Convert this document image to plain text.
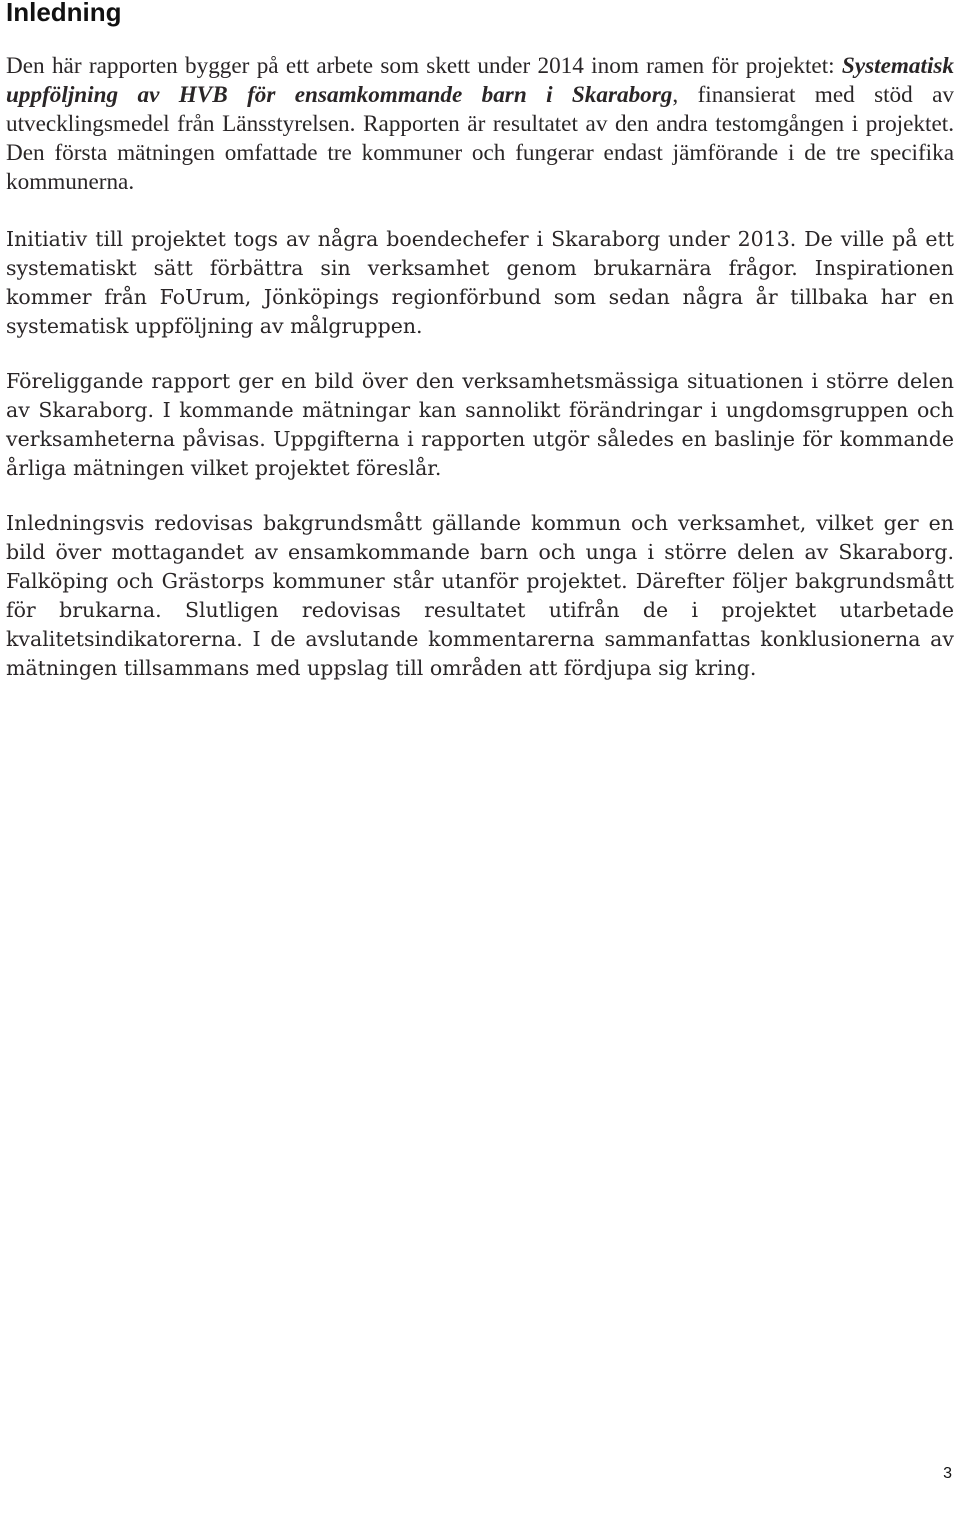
Inledning

Den här rapporten bygger på ett arbete som skett under 2014 inom ramen för projektet: Systematisk uppföljning av HVB för ensamkommande barn i Skaraborg, finansierat med stöd av utvecklingsmedel från Länsstyrelsen. Rapporten är resultatet av den andra testomgången i projektet. Den första mätningen omfattade tre kommuner och fungerar endast jämförande i de tre specifika kommunerna.

Initiativ till projektet togs av några boendechefer i Skaraborg under 2013. De ville på ett systematiskt sätt förbättra sin verksamhet genom brukarnära frågor. Inspirationen kommer från FoUrum, Jönköpings regionförbund som sedan några år tillbaka har en systematisk uppföljning av målgruppen.

Föreliggande rapport ger en bild över den verksamhetsmässiga situationen i större delen av Skaraborg. I kommande mätningar kan sannolikt förändringar i ungdomsgruppen och verksamheterna påvisas. Uppgifterna i rapporten utgör således en baslinje för kommande årliga mätningen vilket projektet föreslår.

Inledningsvis redovisas bakgrundsmått gällande kommun och verksamhet, vilket ger en bild över mottagandet av ensamkommande barn och unga i större delen av Skaraborg. Falköping och Grästorps kommuner står utanför projektet. Därefter följer bakgrundsmått för brukarna. Slutligen redovisas resultatet utifrån de i projektet utarbetade kvalitetsindikatorerna. I de avslutande kommentarerna sammanfattas konklusionerna av mätningen tillsammans med uppslag till områden att fördjupa sig kring.

3
